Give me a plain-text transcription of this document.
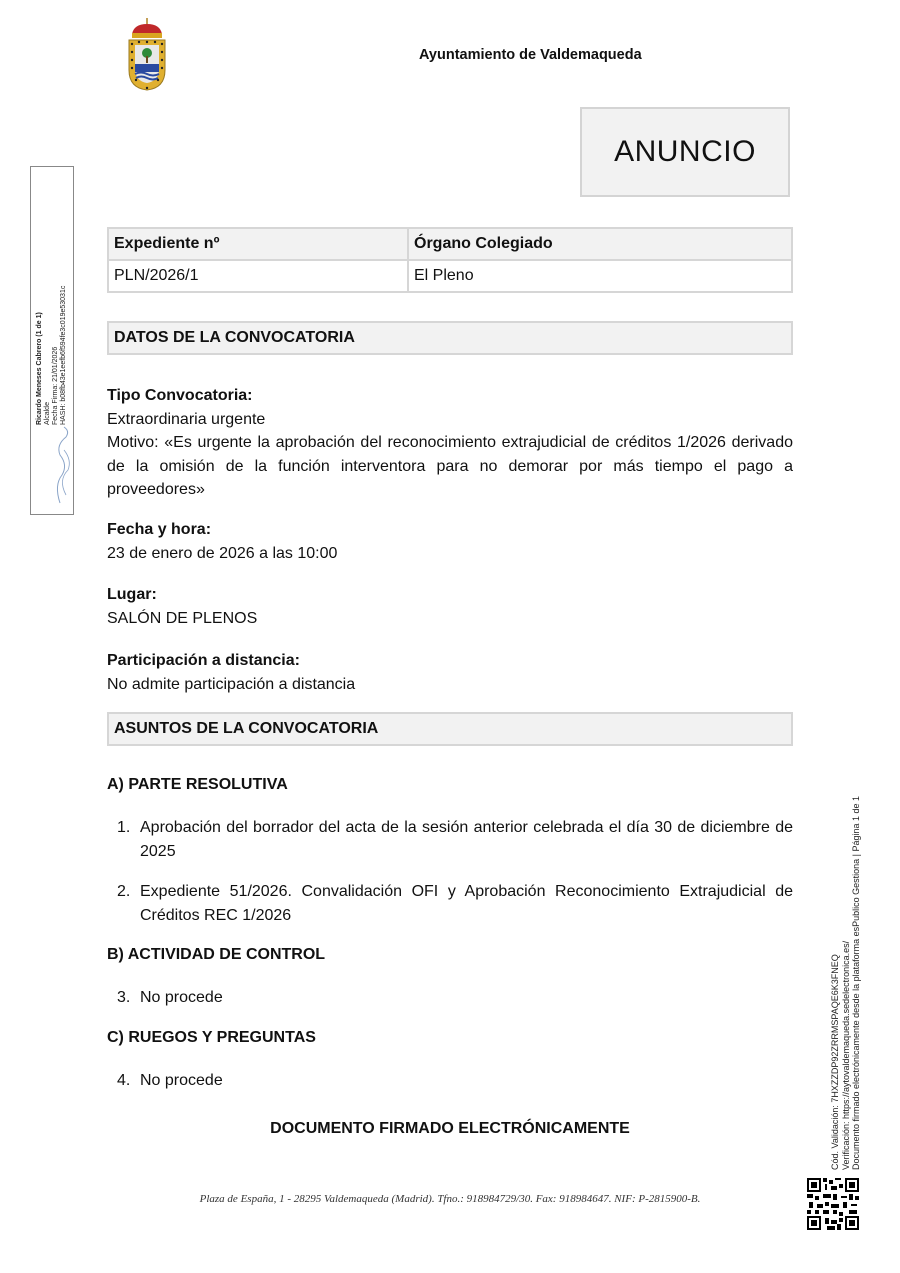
Ayuntamiento de Valdemaqueda
ANUNCIO
Expediente nº	Órgano Colegiado
PLN/2026/1	El Pleno
DATOS DE LA CONVOCATORIA
Tipo Convocatoria:
Extraordinaria urgente
Motivo: «Es urgente la aprobación del reconocimiento extrajudicial de créditos 1/2026 derivado de la omisión de la función interventora para no demorar por más tiempo el pago a proveedores»
Fecha y hora:
23 de enero de 2026 a las 10:00
Lugar:
SALÓN DE PLENOS
Participación a distancia:
No admite participación a distancia
ASUNTOS DE LA CONVOCATORIA
A) PARTE RESOLUTIVA
1. Aprobación del borrador del acta de la sesión anterior celebrada el día 30 de diciembre de 2025
2. Expediente 51/2026. Convalidación OFI y Aprobación Reconocimiento Extrajudicial de Créditos REC 1/2026
B) ACTIVIDAD DE CONTROL
3. No procede
C) RUEGOS Y PREGUNTAS
4. No procede
DOCUMENTO FIRMADO ELECTRÓNICAMENTE
Plaza de España, 1 - 28295 Valdemaqueda (Madrid). Tfno.: 918984729/30. Fax: 918984647. NIF: P-2815900-B.
Ricardo Meneses Cabrero (1 de 1) Alcalde Fecha Firma: 21/01/2026 HASH: b08fb43e1eefb6f594fe3c019e53031c
Cód. Validación: 7HXZZDP92ZRRMSPAQE6K3FNEQ Verificación: https://aytovaldemaqueda.sedelectronica.es/ Documento firmado electrónicamente desde la plataforma esPublico Gestiona | Página 1 de 1
